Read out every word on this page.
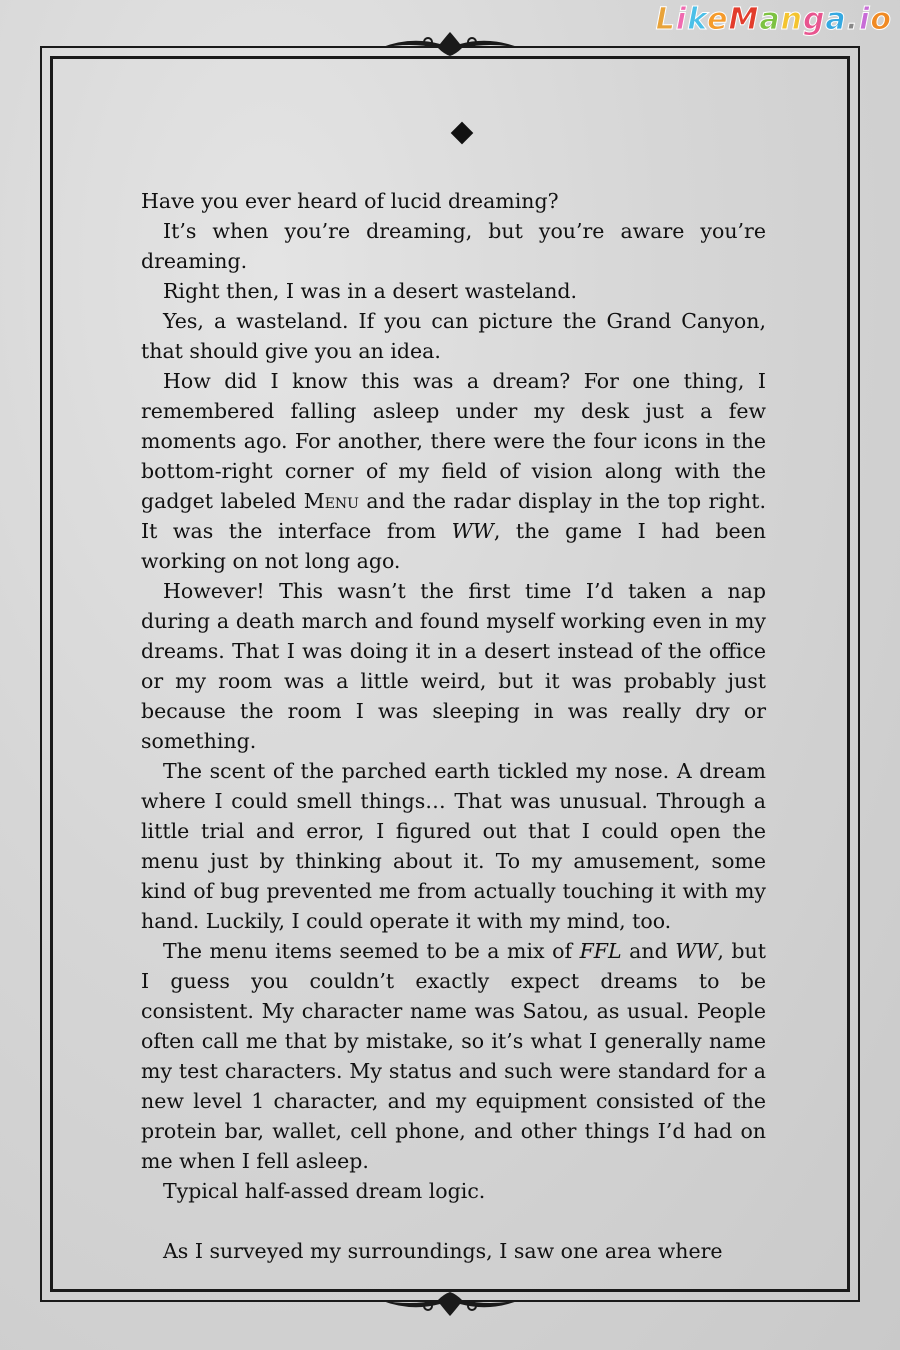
LikeManga.io

Have you ever heard of lucid dreaming?

It’s when you’re dreaming, but you’re aware you’re dreaming.

Right then, I was in a desert wasteland.

Yes, a wasteland. If you can picture the Grand Canyon, that should give you an idea.

How did I know this was a dream? For one thing, I remembered falling asleep under my desk just a few moments ago. For another, there were the four icons in the bottom-right corner of my field of vision along with the gadget labeled Menu and the radar display in the top right. It was the interface from WW, the game I had been working on not long ago.

However! This wasn’t the first time I’d taken a nap during a death march and found myself working even in my dreams. That I was doing it in a desert instead of the office or my room was a little weird, but it was probably just because the room I was sleeping in was really dry or something.

The scent of the parched earth tickled my nose. A dream where I could smell things… That was unusual. Through a little trial and error, I figured out that I could open the menu just by thinking about it. To my amusement, some kind of bug prevented me from actually touching it with my hand. Luckily, I could operate it with my mind, too.

The menu items seemed to be a mix of FFL and WW, but I guess you couldn’t exactly expect dreams to be consistent. My character name was Satou, as usual. People often call me that by mistake, so it’s what I generally name my test characters. My status and such were standard for a new level 1 character, and my equipment consisted of the protein bar, wallet, cell phone, and other things I’d had on me when I fell asleep.

Typical half-assed dream logic.

As I surveyed my surroundings, I saw one area where
